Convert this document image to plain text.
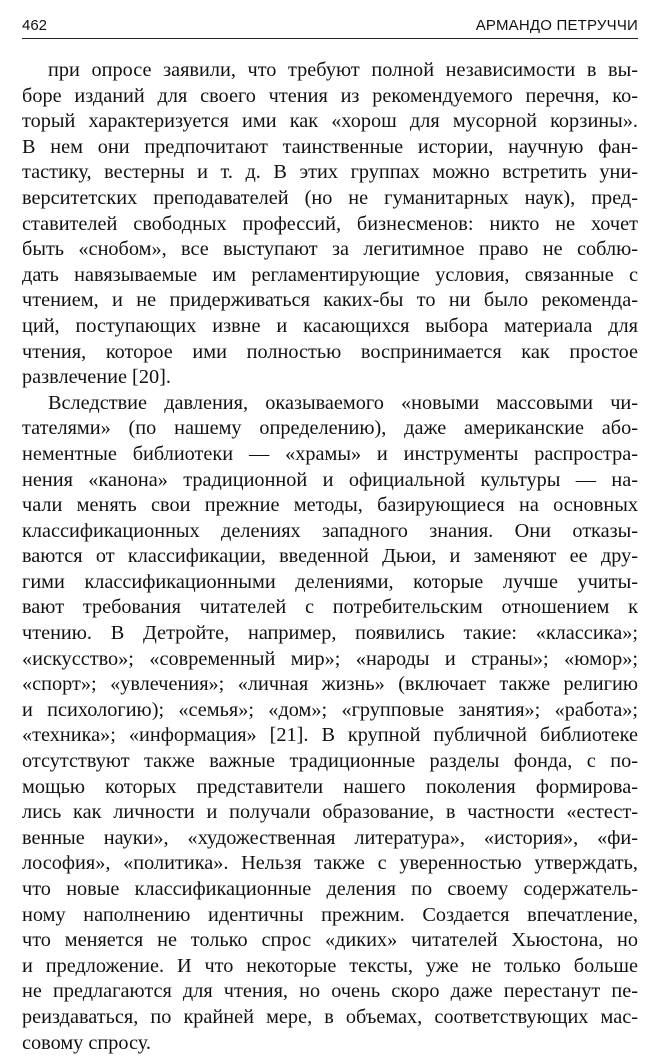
462	АРМАНДО ПЕТРУЧЧИ
при опросе заявили, что требуют полной независимости в вы-
боре изданий для своего чтения из рекомендуемого перечня, ко-
торый характеризуется ими как «хорош для мусорной корзины».
В нем они предпочитают таинственные истории, научную фан-
тастику, вестерны и т. д. В этих группах можно встретить уни-
верситетских преподавателей (но не гуманитарных наук), пред-
ставителей свободных профессий, бизнесменов: никто не хочет
быть «снобом», все выступают за легитимное право не соблю-
дать навязываемые им регламентирующие условия, связанные с
чтением, и не придерживаться каких-бы то ни было рекоменда-
ций, поступающих извне и касающихся выбора материала для
чтения, которое ими полностью воспринимается как простое
развлечение [20].
Вследствие давления, оказываемого «новыми массовыми чи-
тателями» (по нашему определению), даже американские або-
нементные библиотеки — «храмы» и инструменты распростра-
нения «канона» традиционной и официальной культуры — на-
чали менять свои прежние методы, базирующиеся на основных
классификационных делениях западного знания. Они отказы-
ваются от классификации, введенной Дьюи, и заменяют ее дру-
гими классификационными делениями, которые лучше учиты-
вают требования читателей с потребительским отношением к
чтению. В Детройте, например, появились такие: «классика»;
«искусство»; «современный мир»; «народы и страны»; «юмор»;
«спорт»; «увлечения»; «личная жизнь» (включает также религию
и психологию); «семья»; «дом»; «групповые занятия»; «работа»;
«техника»; «информация» [21]. В крупной публичной библиотеке
отсутствуют также важные традиционные разделы фонда, с по-
мощью которых представители нашего поколения формирова-
лись как личности и получали образование, в частности «естест-
венные науки», «художественная литература», «история», «фи-
лософия», «политика». Нельзя также с уверенностью утверждать,
что новые классификационные деления по своему содержатель-
ному наполнению идентичны прежним. Создается впечатление,
что меняется не только спрос «диких» читателей Хьюстона, но
и предложение. И что некоторые тексты, уже не только больше
не предлагаются для чтения, но очень скоро даже перестанут пе-
реиздаваться, по крайней мере, в объемах, соответствующих мас-
совому спросу.
